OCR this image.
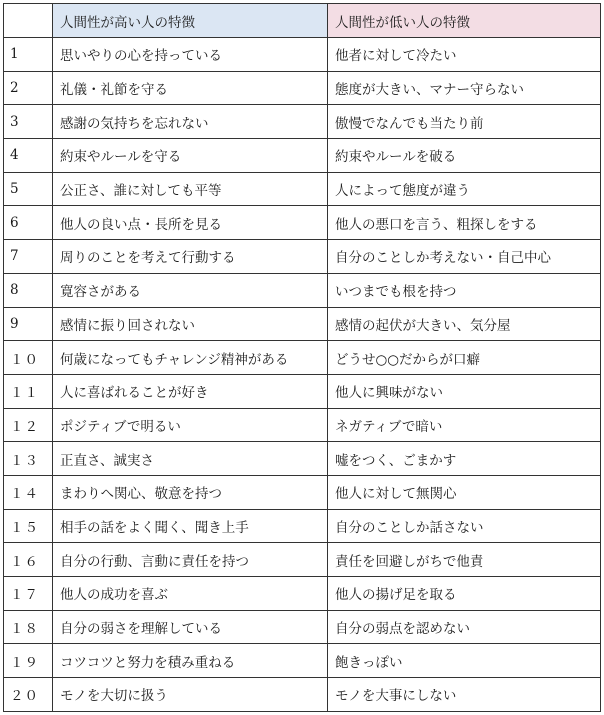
	人間性が高い人の特徴	人間性が低い人の特徴
1	思いやりの心を持っている	他者に対して冷たい
2	礼儀・礼節を守る	態度が大きい、マナー守らない
3	感謝の気持ちを忘れない	傲慢でなんでも当たり前
4	約束やルールを守る	約束やルールを破る
5	公正さ、誰に対しても平等	人によって態度が違う
6	他人の良い点・長所を見る	他人の悪口を言う、粗探しをする
7	周りのことを考えて行動する	自分のことしか考えない・自己中心
8	寛容さがある	いつまでも根を持つ
9	感情に振り回されない	感情の起伏が大きい、気分屋
１０	何歳になってもチャレンジ精神がある	どうせ○○だからが口癖
１１	人に喜ばれることが好き	他人に興味がない
１２	ポジティブで明るい	ネガティブで暗い
１３	正直さ、誠実さ	嘘をつく、ごまかす
１４	まわりへ関心、敬意を持つ	他人に対して無関心
１５	相手の話をよく聞く、聞き上手	自分のことしか話さない
１６	自分の行動、言動に責任を持つ	責任を回避しがちで他責
１７	他人の成功を喜ぶ	他人の揚げ足を取る
１８	自分の弱さを理解している	自分の弱点を認めない
１９	コツコツと努力を積み重ねる	飽きっぽい
２０	モノを大切に扱う	モノを大事にしない
